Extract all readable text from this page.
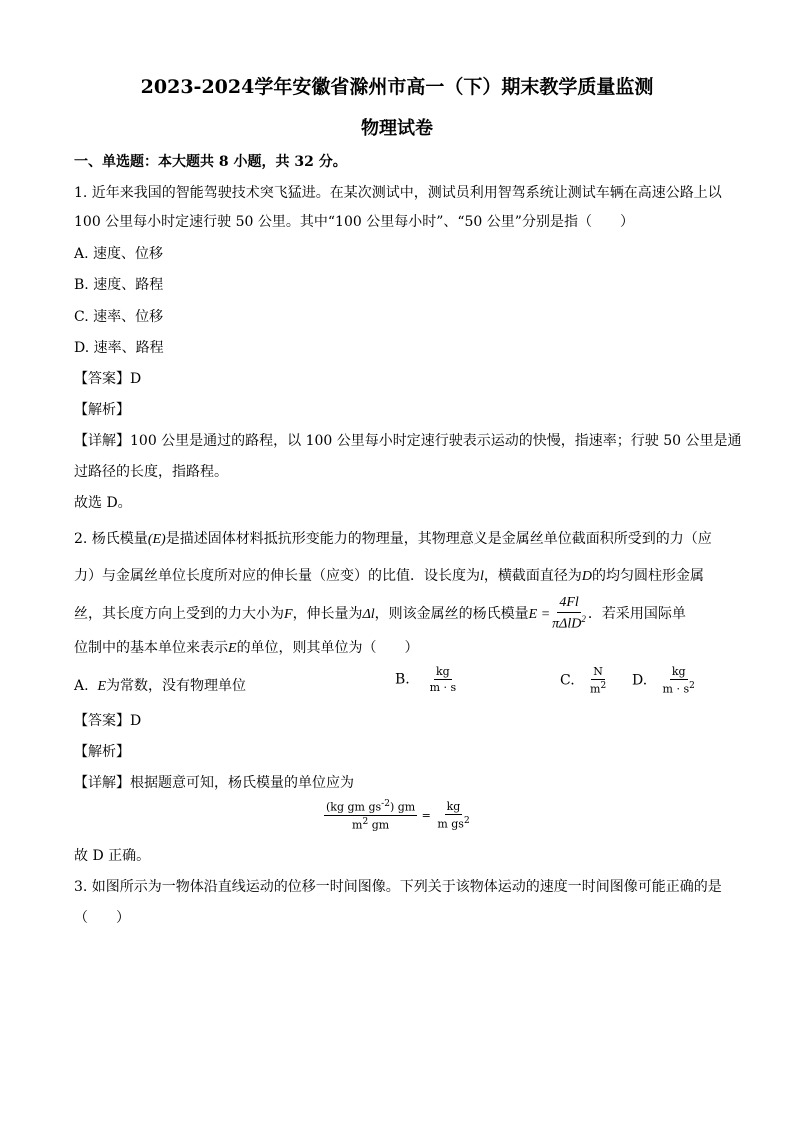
2023-2024学年安徽省滁州市高一（下）期末教学质量监测
物理试卷
一、单选题：本大题共 8 小题，共 32 分。
1. 近年来我国的智能驾驶技术突飞猛进。在某次测试中，测试员利用智驾系统让测试车辆在高速公路上以
100 公里每小时定速行驶 50 公里。其中“100 公里每小时”、“50 公里”分别是指（　　）
A. 速度、位移
B. 速度、路程
C. 速率、位移
D. 速率、路程
【答案】D
【解析】
【详解】100 公里是通过的路程，以 100 公里每小时定速行驶表示运动的快慢，指速率；行驶 50 公里是通
过路径的长度，指路程。
故选 D。
2. 杨氏模量(E)是描述固体材料抵抗形变能力的物理量，其物理意义是金属丝单位截面积所受到的力（应
力）与金属丝单位长度所对应的伸长量（应变）的比值．设长度为l，横截面直径为D的均匀圆柱形金属
丝，其长度方向上受到的力大小为F，伸长量为Δl，则该金属丝的杨氏模量$E = \frac{4Fl}{\pi\Delta lD^2}$ ．若采用国际单
位制中的基本单位来表示E的单位，则其单位为（　　）
A. E为常数，没有物理单位	B. $\frac{kg}{m \cdot s}$	C. $\frac{N}{m^2} D$. $\frac{kg}{m \cdot s^2}$
【答案】D
【解析】
【详解】根据题意可知，杨氏模量的单位应为
$\frac{(kg gm gs^{-2}) gm}{m^2 gm} = \frac{kg}{m gs^2}$
故 D 正确。
3. 如图所示为一物体沿直线运动的位移一时间图像。下列关于该物体运动的速度一时间图像可能正确的是
（　　）
